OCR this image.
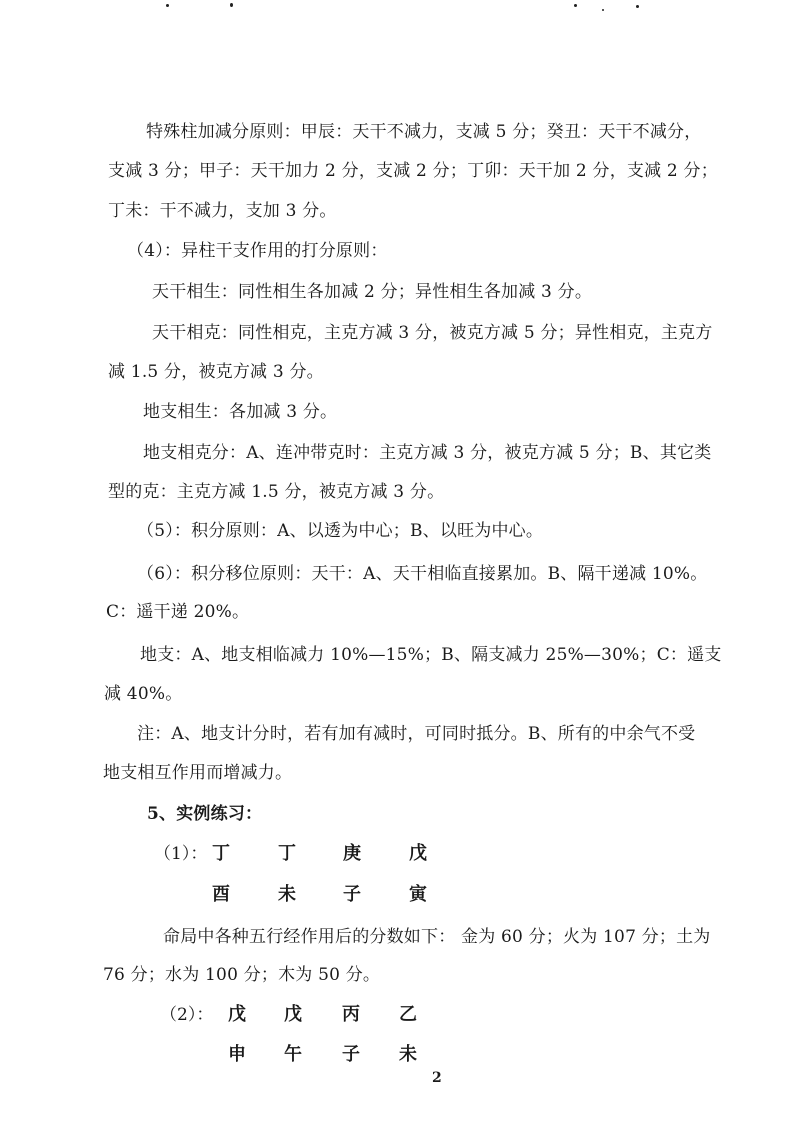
特殊柱加减分原则：甲辰：天干不减力，支减 5 分；癸丑：天干不减分，
支减 3 分；甲子：天干加力 2 分，支减 2 分；丁卯：天干加 2 分，支减 2 分；
丁未：干不减力，支加 3 分。
（4）：异柱干支作用的打分原则：
天干相生：同性相生各加减 2 分；异性相生各加减 3 分。
天干相克：同性相克，主克方减 3 分，被克方减 5 分；异性相克，主克方
减 1.5 分，被克方减 3 分。
地支相生：各加减 3 分。
地支相克分：A、连冲带克时：主克方减 3 分，被克方减 5 分；B、其它类
型的克：主克方减 1.5 分，被克方减 3 分。
（5）：积分原则：A、以透为中心；B、以旺为中心。
（6）：积分移位原则：天干：A、天干相临直接累加。B、隔干递减 10%。
C：遥干递 20%。
地支：A、地支相临减力 10%—15%；B、隔支减力 25%—30%；C：遥支
减 40%。
注：A、地支计分时，若有加有减时，可同时抵分。B、所有的中余气不受
地支相互作用而增减力。
5、实例练习：
（1）： 丁	丁	庚	戊
酉	未	子	寅
命局中各种五行经作用后的分数如下： 金为 60 分；火为 107 分；土为
76 分；水为 100 分；木为 50 分。
（2）： 戊 戊 丙 乙
申 午 子 未
2
